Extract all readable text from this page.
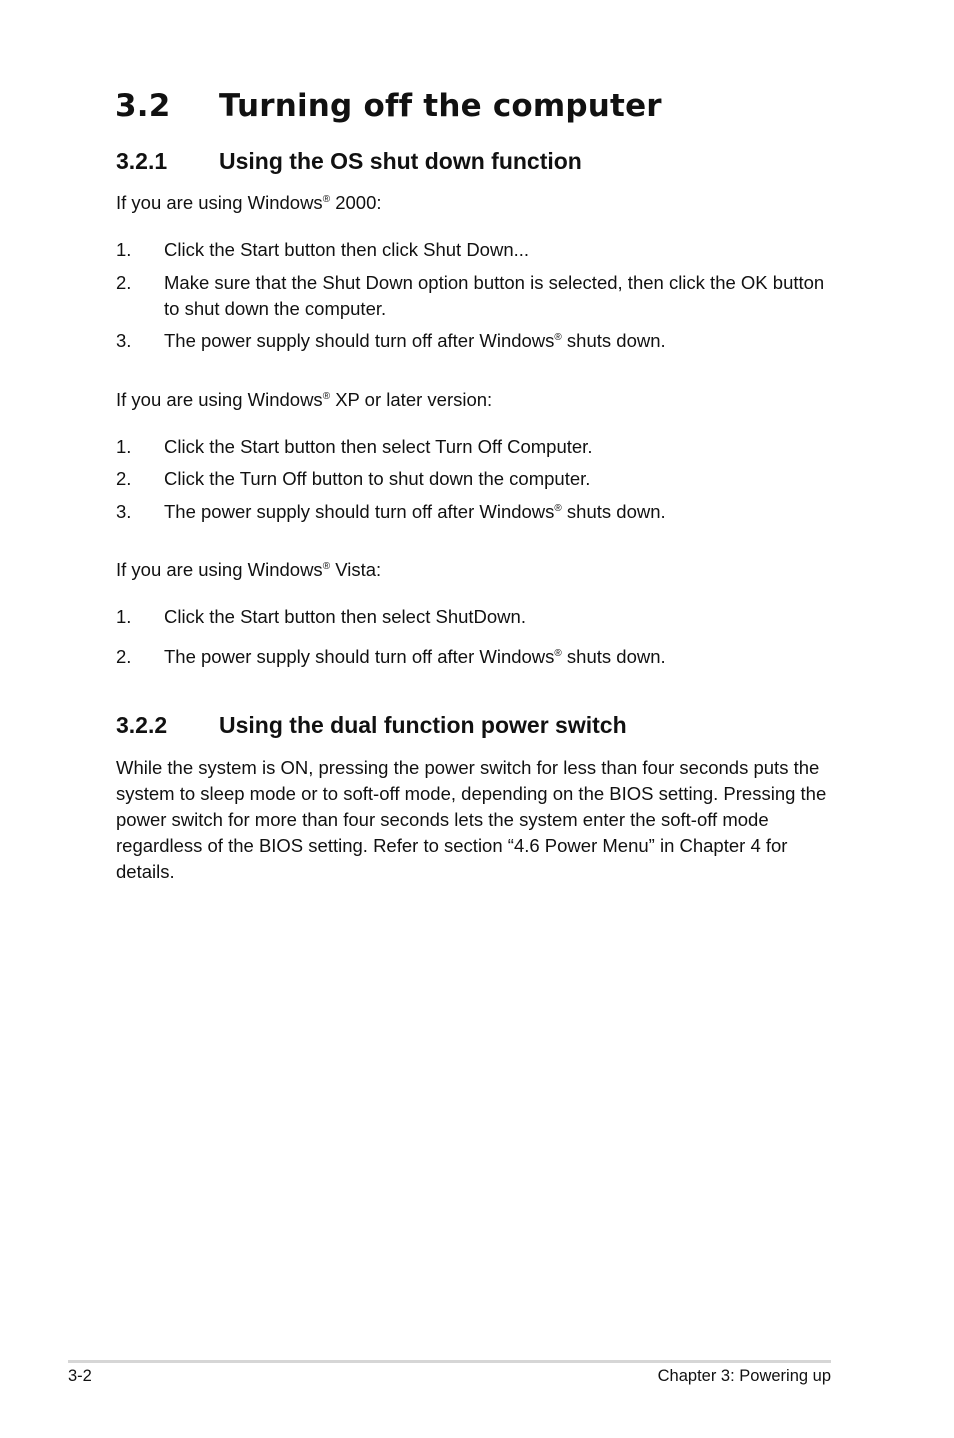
3.2 Turning off the computer
3.2.1 Using the OS shut down function

If you are using Windows® 2000:

1. Click the Start button then click Shut Down...
2. Make sure that the Shut Down option button is selected, then click the OK button to shut down the computer.
3. The power supply should turn off after Windows® shuts down.

If you are using Windows® XP or later version:

1. Click the Start button then select Turn Off Computer.
2. Click the Turn Off button to shut down the computer.
3. The power supply should turn off after Windows® shuts down.

If you are using Windows® Vista:

1. Click the Start button then select ShutDown.
2. The power supply should turn off after Windows® shuts down.
3.2.2 Using the dual function power switch

While the system is ON, pressing the power switch for less than four seconds puts the system to sleep mode or to soft-off mode, depending on the BIOS setting. Pressing the power switch for more than four seconds lets the system enter the soft-off mode regardless of the BIOS setting. Refer to section “4.6 Power Menu” in Chapter 4 for details.

3-2	Chapter 3: Powering up
